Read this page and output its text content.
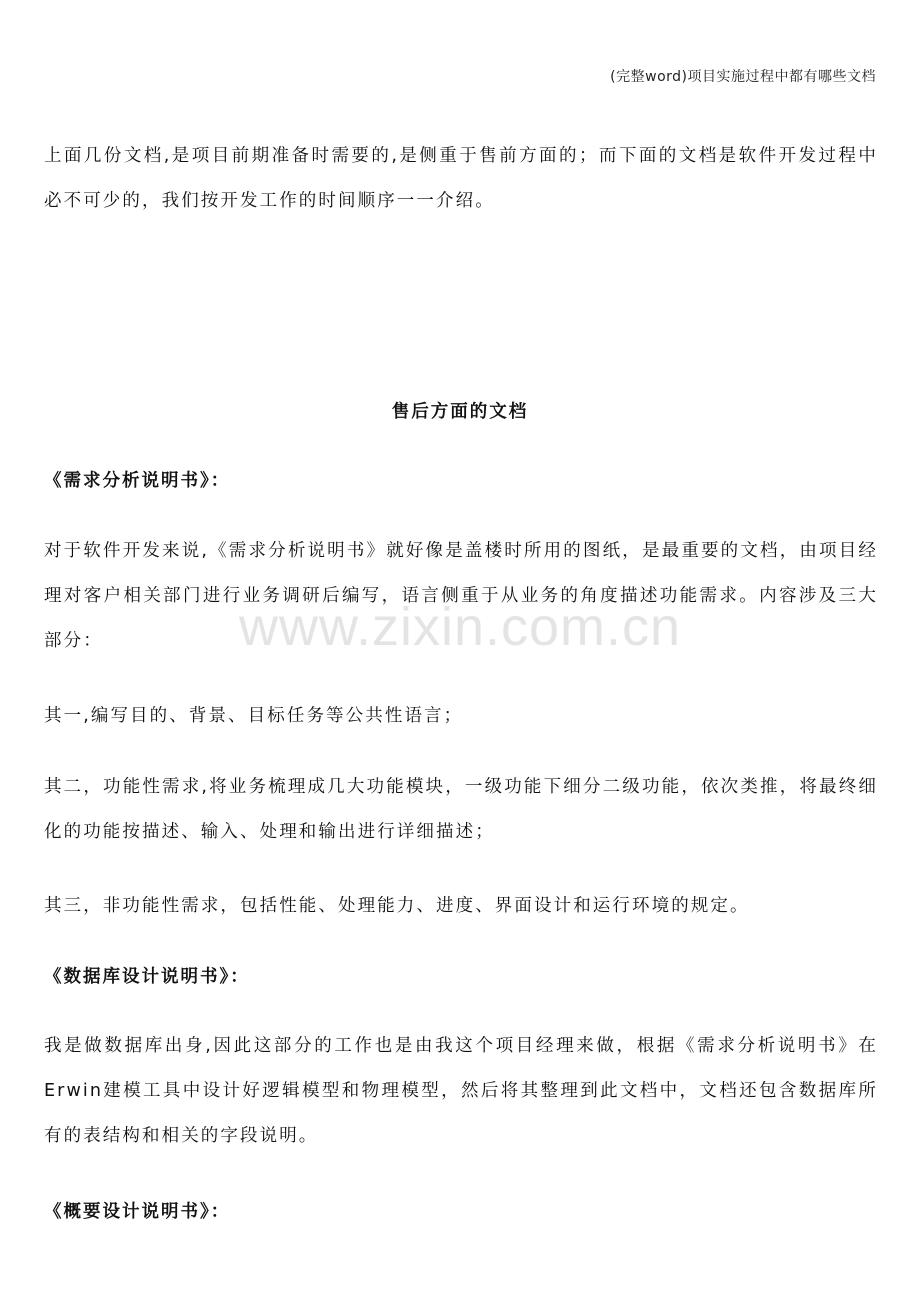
(完整word)项目实施过程中都有哪些文档

上面几份文档,是项目前期准备时需要的,是侧重于售前方面的；而下面的文档是软件开发过程中必不可少的，我们按开发工作的时间顺序一一介绍。

售后方面的文档
《需求分析说明书》：

对于软件开发来说,《需求分析说明书》就好像是盖楼时所用的图纸，是最重要的文档，由项目经理对客户相关部门进行业务调研后编写，语言侧重于从业务的角度描述功能需求。内容涉及三大部分：

其一,编写目的、背景、目标任务等公共性语言；

其二，功能性需求,将业务梳理成几大功能模块，一级功能下细分二级功能，依次类推，将最终细化的功能按描述、输入、处理和输出进行详细描述；

其三，非功能性需求，包括性能、处理能力、进度、界面设计和运行环境的规定。

《数据库设计说明书》：

我是做数据库出身,因此这部分的工作也是由我这个项目经理来做，根据《需求分析说明书》在Erwin建模工具中设计好逻辑模型和物理模型，然后将其整理到此文档中，文档还包含数据库所有的表结构和相关的字段说明。

《概要设计说明书》：
www.zixin.com.cn
